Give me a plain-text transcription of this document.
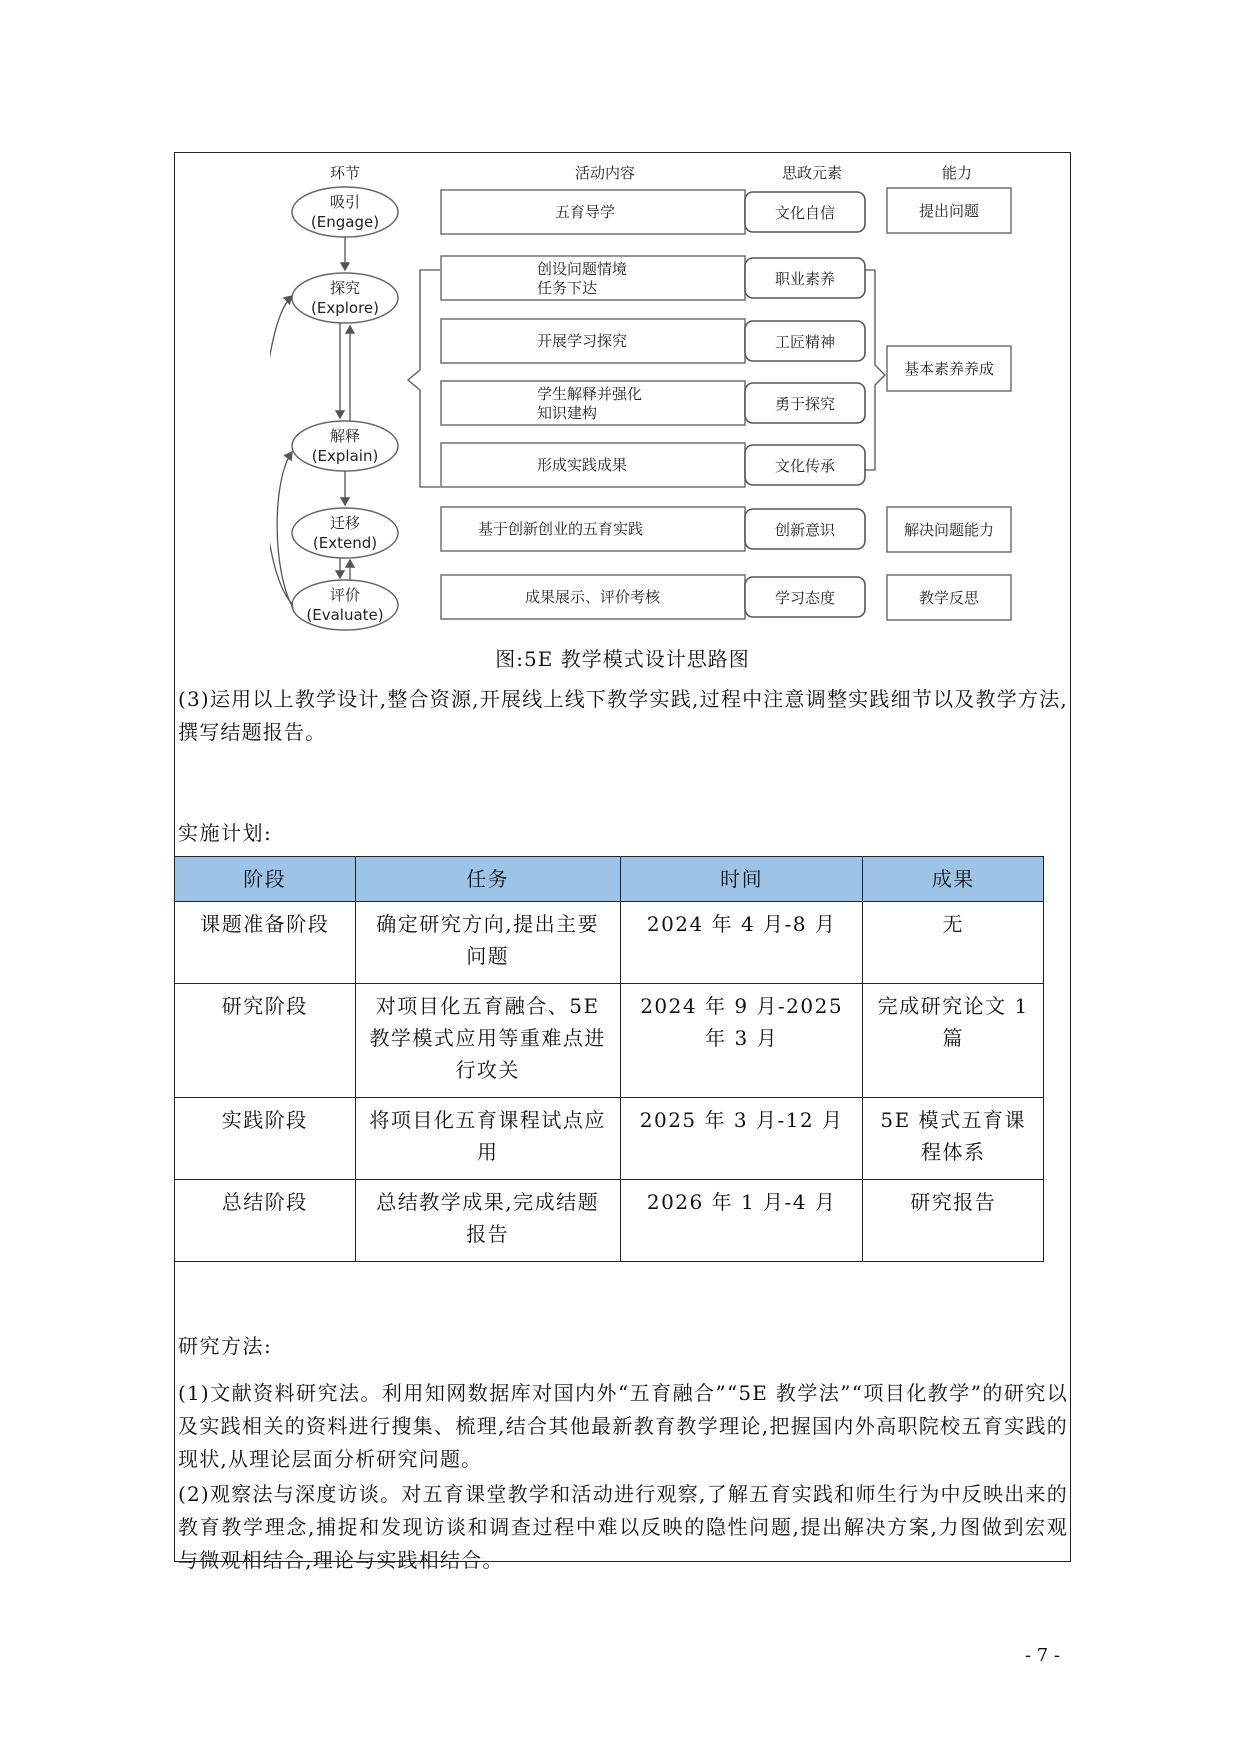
环节	活动内容	思政元素	能力
吸引
(Engage)
探究
(Explore)
解释
(Explain)
迁移
(Extend)
评价
(Evaluate)
五育导学
创设问题情境
任务下达
开展学习探究
学生解释并强化
知识建构
形成实践成果
基于创新创业的五育实践
成果展示、评价考核
文化自信
职业素养
工匠精神
勇于探究
文化传承
创新意识
学习态度
提出问题
基本素养养成
解决问题能力
教学反思
图:5E 教学模式设计思路图
(3)运用以上教学设计,整合资源,开展线上线下教学实践,过程中注意调整实践细节以及教学方法,撰写结题报告。
实施计划:
阶段	任务	时间	成果
课题准备阶段	确定研究方向,提出主要问题	2024 年 4 月-8 月	无
研究阶段	对项目化五育融合、5E 教学模式应用等重难点进行攻关	2024 年 9 月-2025 年 3 月	完成研究论文 1 篇
实践阶段	将项目化五育课程试点应用	2025 年 3 月-12 月	5E 模式五育课程体系
总结阶段	总结教学成果,完成结题报告	2026 年 1 月-4 月	研究报告
研究方法:
(1)文献资料研究法。利用知网数据库对国内外“五育融合”“5E 教学法”“项目化教学”的研究以及实践相关的资料进行搜集、梳理,结合其他最新教育教学理论,把握国内外高职院校五育实践的现状,从理论层面分析研究问题。
(2)观察法与深度访谈。对五育课堂教学和活动进行观察,了解五育实践和师生行为中反映出来的教育教学理念,捕捉和发现访谈和调查过程中难以反映的隐性问题,提出解决方案,力图做到宏观与微观相结合,理论与实践相结合。
- 7 -
